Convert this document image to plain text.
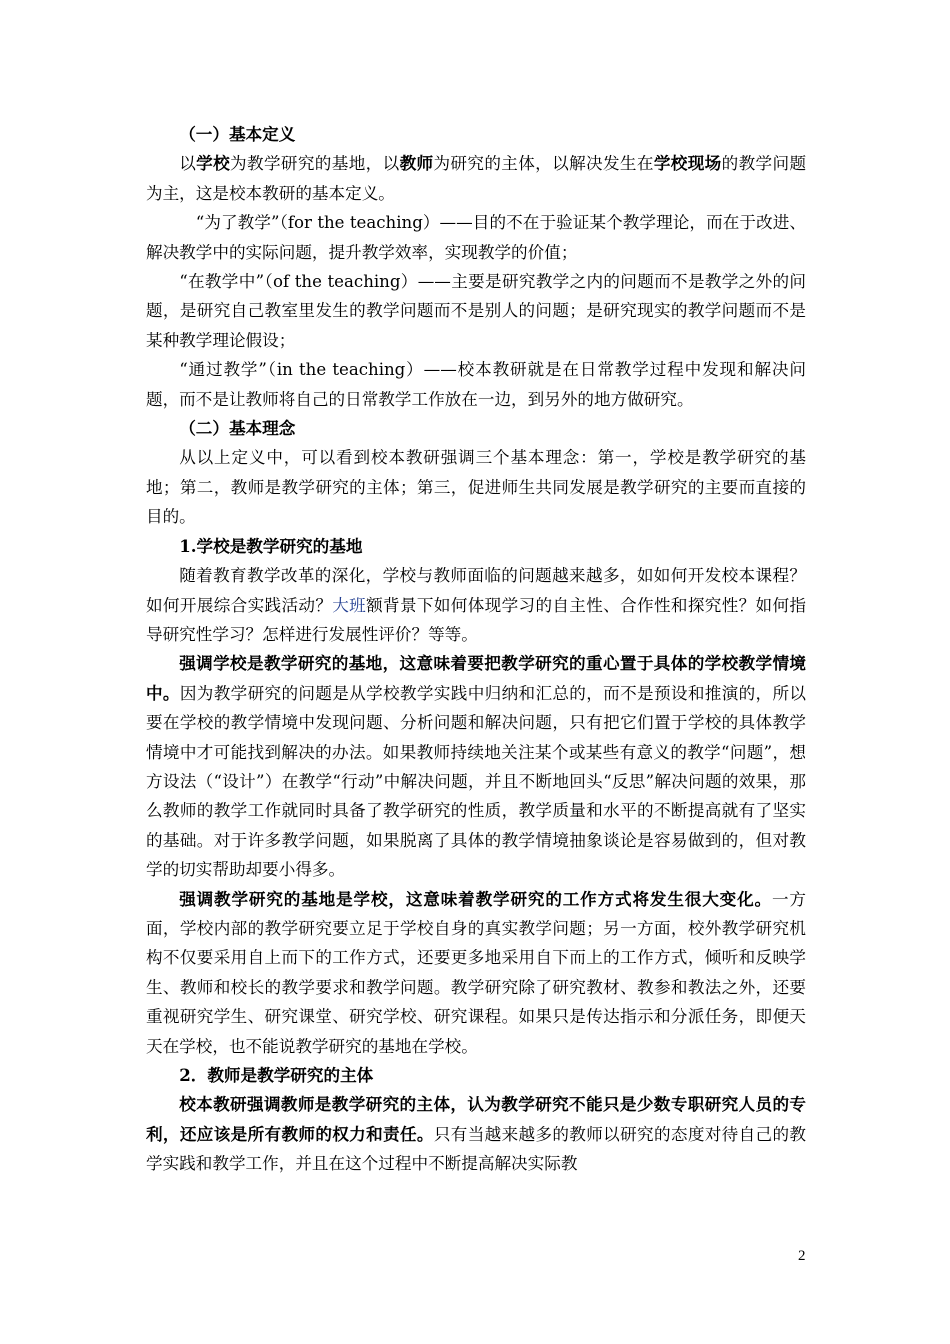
（一）基本定义

以学校为教学研究的基地，以教师为研究的主体，以解决发生在学校现场的教学问题为主，这是校本教研的基本定义。

“为了教学”（for the teaching）——目的不在于验证某个教学理论，而在于改进、解决教学中的实际问题，提升教学效率，实现教学的价值；

“在教学中”（of the teaching）——主要是研究教学之内的问题而不是教学之外的问题，是研究自己教室里发生的教学问题而不是别人的问题；是研究现实的教学问题而不是某种教学理论假设；

“通过教学”（in the teaching）——校本教研就是在日常教学过程中发现和解决问题，而不是让教师将自己的日常教学工作放在一边，到另外的地方做研究。

（二）基本理念

从以上定义中，可以看到校本教研强调三个基本理念：第一，学校是教学研究的基地；第二，教师是教学研究的主体；第三，促进师生共同发展是教学研究的主要而直接的目的。

1.学校是教学研究的基地

随着教育教学改革的深化，学校与教师面临的问题越来越多，如如何开发校本课程？如何开展综合实践活动？大班额背景下如何体现学习的自主性、合作性和探究性？如何指导研究性学习？怎样进行发展性评价？等等。

强调学校是教学研究的基地，这意味着要把教学研究的重心置于具体的学校教学情境中。因为教学研究的问题是从学校教学实践中归纳和汇总的，而不是预设和推演的，所以要在学校的教学情境中发现问题、分析问题和解决问题，只有把它们置于学校的具体教学情境中才可能找到解决的办法。如果教师持续地关注某个或某些有意义的教学“问题”，想方设法（“设计”）在教学“行动”中解决问题，并且不断地回头“反思”解决问题的效果，那么教师的教学工作就同时具备了教学研究的性质，教学质量和水平的不断提高就有了坚实的基础。对于许多教学问题，如果脱离了具体的教学情境抽象谈论是容易做到的，但对教学的切实帮助却要小得多。

强调教学研究的基地是学校，这意味着教学研究的工作方式将发生很大变化。一方面，学校内部的教学研究要立足于学校自身的真实教学问题；另一方面，校外教学研究机构不仅要采用自上而下的工作方式，还要更多地采用自下而上的工作方式，倾听和反映学生、教师和校长的教学要求和教学问题。教学研究除了研究教材、教参和教法之外，还要重视研究学生、研究课堂、研究学校、研究课程。如果只是传达指示和分派任务，即便天天在学校，也不能说教学研究的基地在学校。

2．教师是教学研究的主体

校本教研强调教师是教学研究的主体，认为教学研究不能只是少数专职研究人员的专利，还应该是所有教师的权力和责任。只有当越来越多的教师以研究的态度对待自己的教学实践和教学工作，并且在这个过程中不断提高解决实际教

2
